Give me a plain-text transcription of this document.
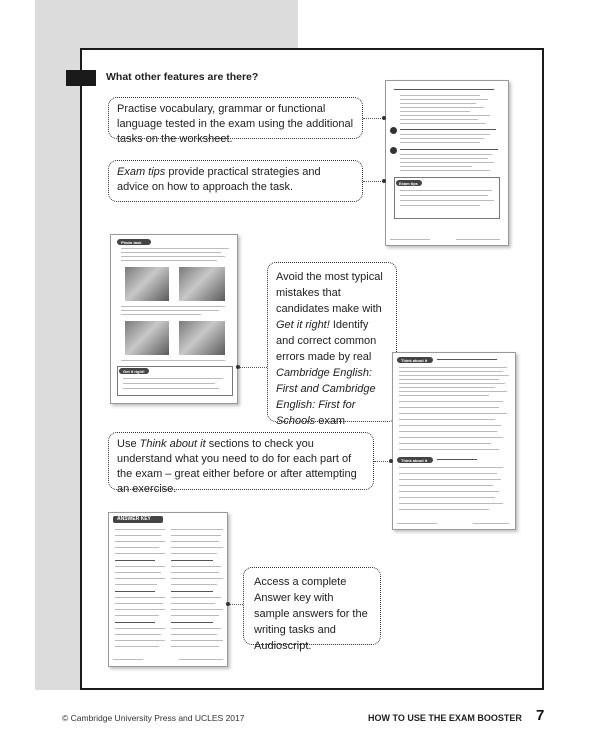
What other features are there?
Exam tips
Practise vocabulary, grammar or functional language tested in the exam using the additional tasks on the worksheet.
Exam tips provide practical strategies and advice on how to approach the task.
Photo task
Get it right!
Avoid the most typical mistakes that candidates make with Get it right! Identify and correct common errors made by real Cambridge English: First and Cambridge English: First for Schools exam
Think about it
Think about it
Use Think about it sections to check you understand what you need to do for each part of the exam – great either before or after attempting an exercise.
ANSWER KEY
Access a complete Answer key with sample answers for the writing tasks and Audioscript.
© Cambridge University Press and UCLES 2017	HOW TO USE THE EXAM BOOSTER 7
